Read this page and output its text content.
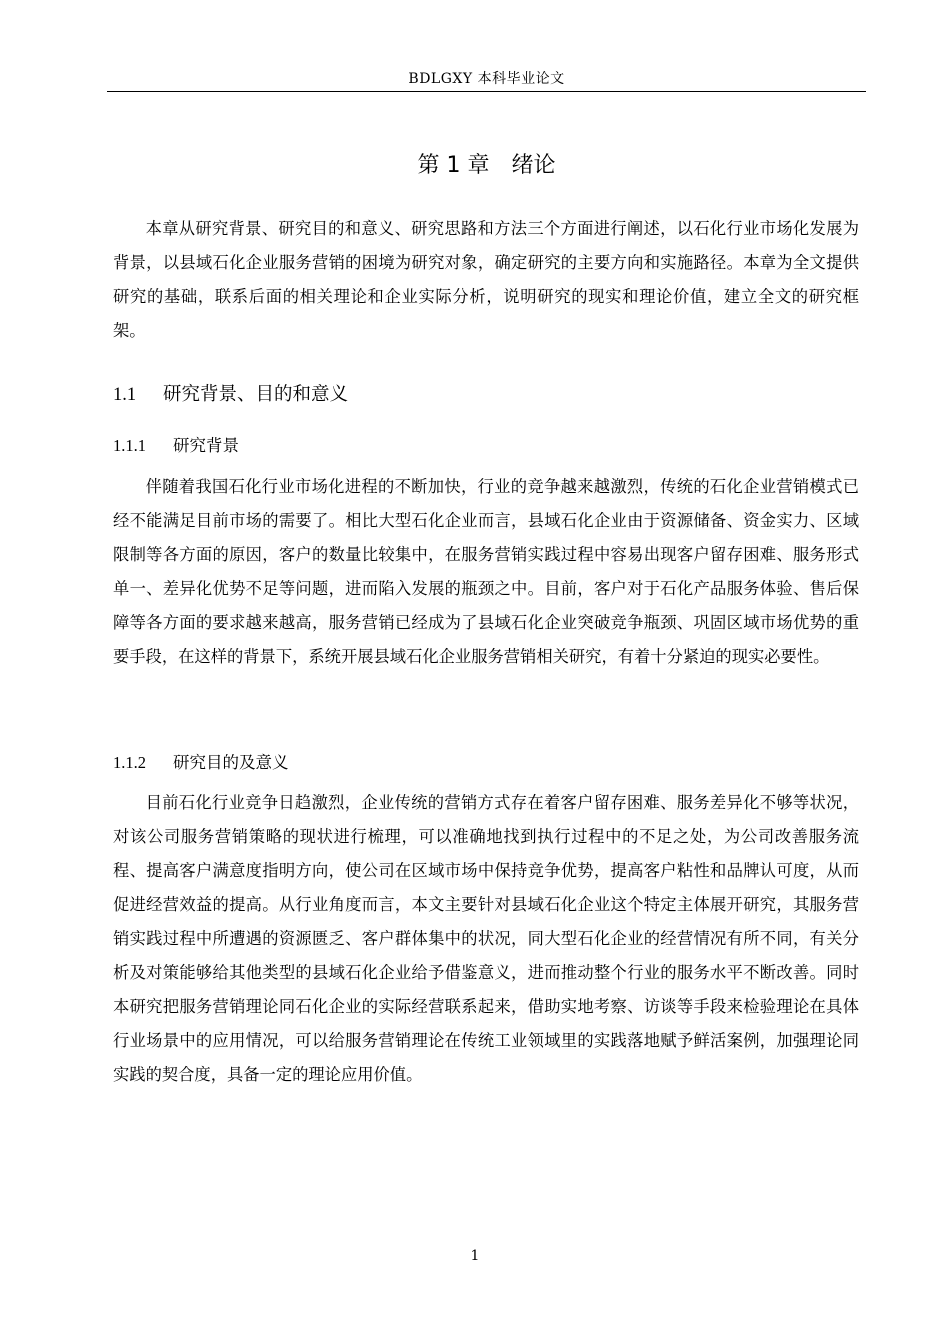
BDLGXY 本科毕业论文
第 1 章　绪论

本章从研究背景、研究目的和意义、研究思路和方法三个方面进行阐述，以石化行业市场化发展为背景，以县域石化企业服务营销的困境为研究对象，确定研究的主要方向和实施路径。本章为全文提供研究的基础，联系后面的相关理论和企业实际分析，说明研究的现实和理论价值，建立全文的研究框架。

1.1 研究背景、目的和意义
1.1.1 研究背景

伴随着我国石化行业市场化进程的不断加快，行业的竞争越来越激烈，传统的石化企业营销模式已经不能满足目前市场的需要了。相比大型石化企业而言，县域石化企业由于资源储备、资金实力、区域限制等各方面的原因，客户的数量比较集中，在服务营销实践过程中容易出现客户留存困难、服务形式单一、差异化优势不足等问题，进而陷入发展的瓶颈之中。目前，客户对于石化产品服务体验、售后保障等各方面的要求越来越高，服务营销已经成为了县域石化企业突破竞争瓶颈、巩固区域市场优势的重要手段，在这样的背景下，系统开展县域石化企业服务营销相关研究，有着十分紧迫的现实必要性。

1.1.2 研究目的及意义

目前石化行业竞争日趋激烈，企业传统的营销方式存在着客户留存困难、服务差异化不够等状况，对该公司服务营销策略的现状进行梳理，可以准确地找到执行过程中的不足之处，为公司改善服务流程、提高客户满意度指明方向，使公司在区域市场中保持竞争优势，提高客户粘性和品牌认可度，从而促进经营效益的提高。从行业角度而言，本文主要针对县域石化企业这个特定主体展开研究，其服务营销实践过程中所遭遇的资源匮乏、客户群体集中的状况，同大型石化企业的经营情况有所不同，有关分析及对策能够给其他类型的县域石化企业给予借鉴意义，进而推动整个行业的服务水平不断改善。同时本研究把服务营销理论同石化企业的实际经营联系起来，借助实地考察、访谈等手段来检验理论在具体行业场景中的应用情况，可以给服务营销理论在传统工业领域里的实践落地赋予鲜活案例，加强理论同实践的契合度，具备一定的理论应用价值。

1
